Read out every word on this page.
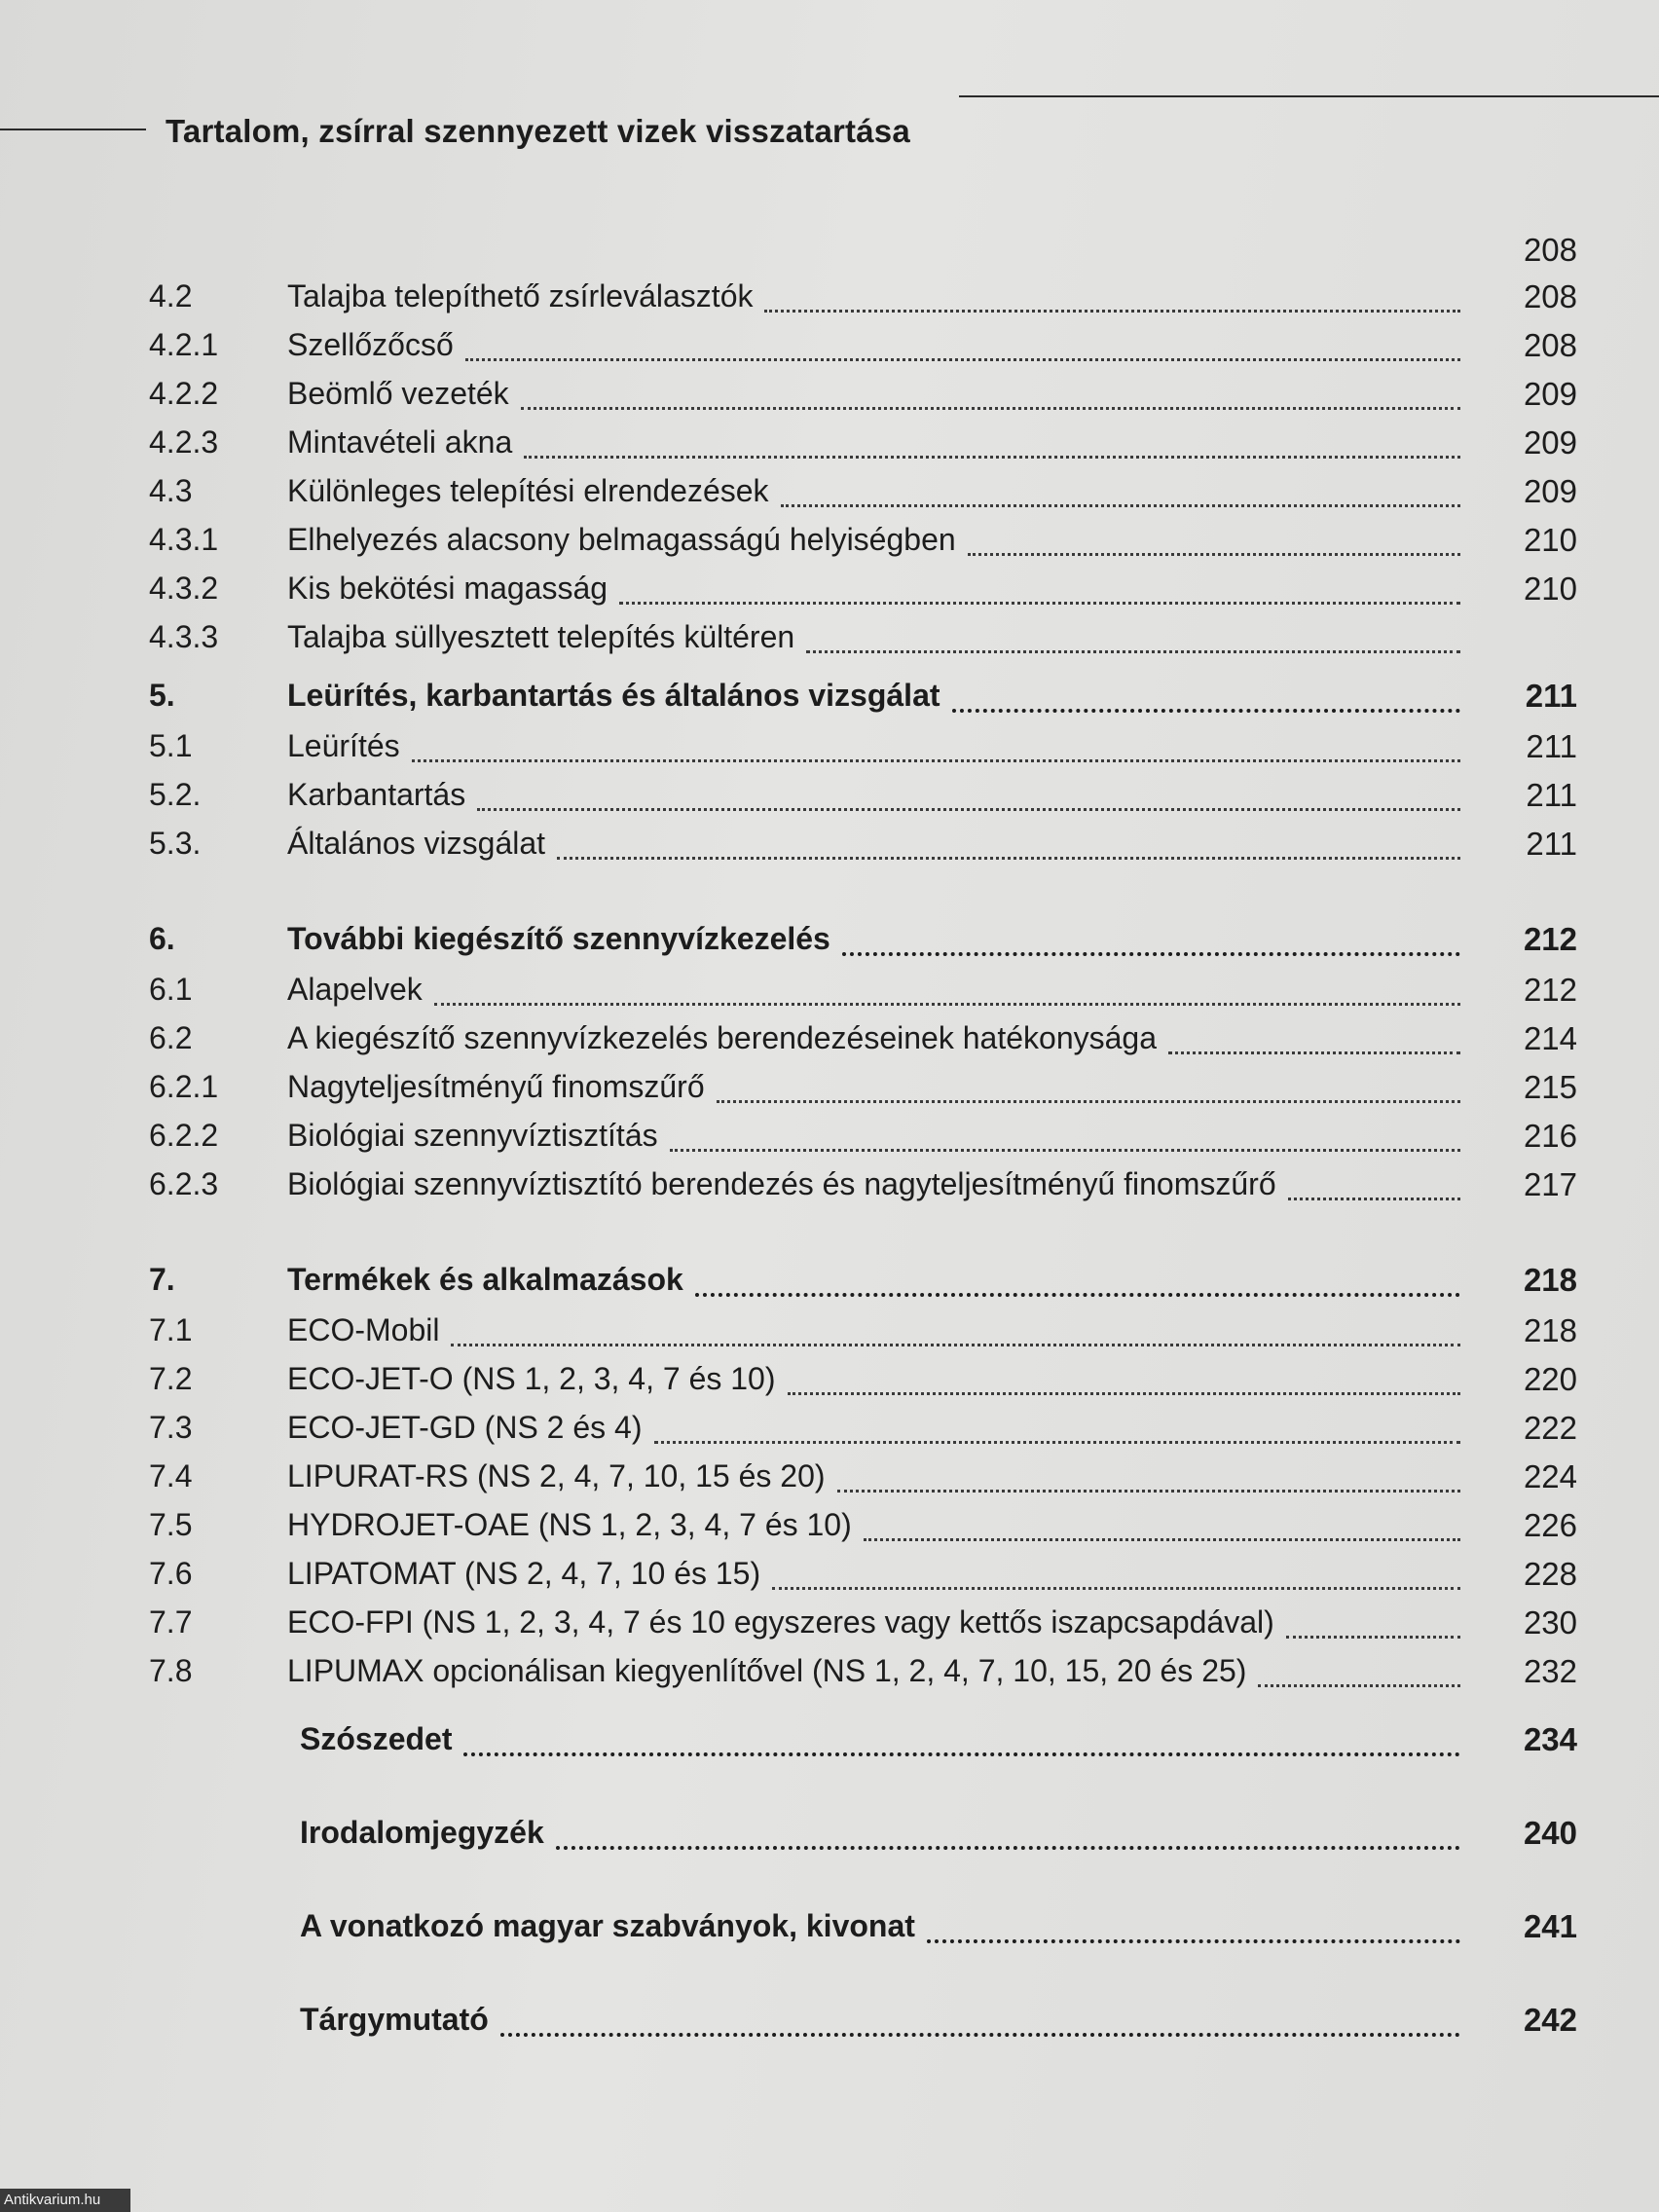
Tartalom, zsírral szennyezett vizek visszatartása
208
4.2	Talajba telepíthető zsírleválasztók	208
4.2.1 Szellőzőcső	208
4.2.2 Beömlő vezeték	209
4.2.3 Mintavételi akna	209
4.3	Különleges telepítési elrendezések	209
4.3.1 Elhelyezés alacsony belmagasságú helyiségben	210
4.3.2 Kis bekötési magasság	210
4.3.3 Talajba süllyesztett telepítés kültéren
5.	Leürítés, karbantartás és általános vizsgálat	211
5.1	Leürítés	211
5.2.	Karbantartás	211
5.3.	Általános vizsgálat	211
6.	További kiegészítő szennyvízkezelés	212
6.1	Alapelvek	212
6.2	A kiegészítő szennyvízkezelés berendezéseinek hatékonysága	214
6.2.1 Nagyteljesítményű finomszűrő	215
6.2.2 Biológiai szennyvíztisztítás	216
6.2.3 Biológiai szennyvíztisztító berendezés és nagyteljesítményű finomszűrő	217
7.	Termékek és alkalmazások	218
7.1	ECO-Mobil	218
7.2	ECO-JET-O (NS 1, 2, 3, 4, 7 és 10)	220
7.3	ECO-JET-GD (NS 2 és 4)	222
7.4	LIPURAT-RS (NS 2, 4, 7, 10, 15 és 20)	224
7.5	HYDROJET-OAE (NS 1, 2, 3, 4, 7 és 10)	226
7.6	LIPATOMAT (NS 2, 4, 7, 10 és 15)	228
7.7	ECO-FPI (NS 1, 2, 3, 4, 7 és 10 egyszeres vagy kettős iszapcsapdával)	230
7.8	LIPUMAX opcionálisan kiegyenlítővel (NS 1, 2, 4, 7, 10, 15, 20 és 25)	232
Szószedet	234
Irodalomjegyzék	240
A vonatkozó magyar szabványok, kivonat	241
Tárgymutató	242
Antikvarium.hu
